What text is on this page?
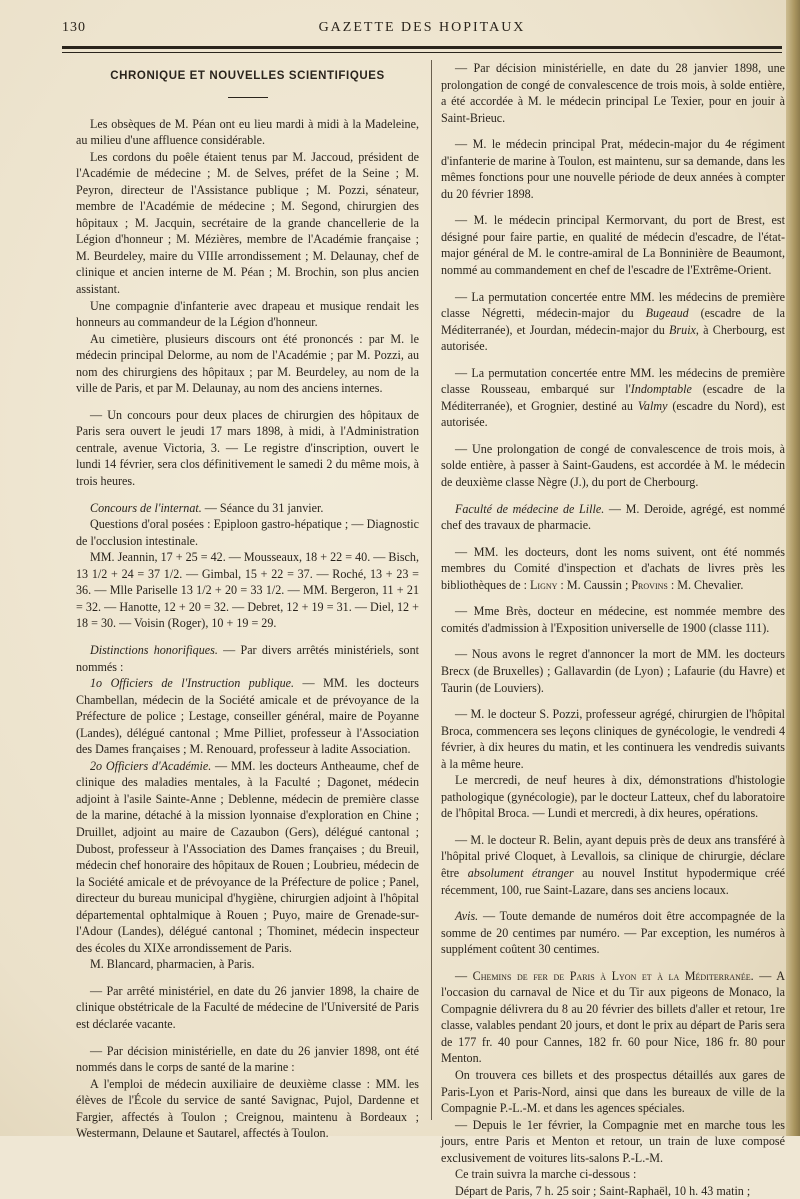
130	GAZETTE DES HOPITAUX
CHRONIQUE ET NOUVELLES SCIENTIFIQUES

Les obsèques de M. Péan ont eu lieu mardi à midi à la Madeleine, au milieu d'une affluence considérable.

Les cordons du poêle étaient tenus par M. Jaccoud, président de l'Académie de médecine ; M. de Selves, préfet de la Seine ; M. Peyron, directeur de l'Assistance publique ; M. Pozzi, sénateur, membre de l'Académie de médecine ; M. Segond, chirurgien des hôpitaux ; M. Jacquin, secrétaire de la grande chancellerie de la Légion d'honneur ; M. Mézières, membre de l'Académie française ; M. Beurdeley, maire du VIIIe arrondissement ; M. Delaunay, chef de clinique et ancien interne de M. Péan ; M. Brochin, son plus ancien assistant.

Une compagnie d'infanterie avec drapeau et musique rendait les honneurs au commandeur de la Légion d'honneur.

Au cimetière, plusieurs discours ont été prononcés : par M. le médecin principal Delorme, au nom de l'Académie ; par M. Pozzi, au nom des chirurgiens des hôpitaux ; par M. Beurdeley, au nom de la ville de Paris, et par M. Delaunay, au nom des anciens internes.

— Un concours pour deux places de chirurgien des hôpitaux de Paris sera ouvert le jeudi 17 mars 1898, à midi, à l'Administration centrale, avenue Victoria, 3. — Le registre d'inscription, ouvert le lundi 14 février, sera clos définitivement le samedi 2 du même mois, à trois heures.

Concours de l'internat. — Séance du 31 janvier.

Questions d'oral posées : Epiploon gastro-hépatique ; — Diagnostic de l'occlusion intestinale.

MM. Jeannin, 17 + 25 = 42. — Mousseaux, 18 + 22 = 40. — Bisch, 13 1/2 + 24 = 37 1/2. — Gimbal, 15 + 22 = 37. — Roché, 13 + 23 = 36. — Mlle Pariselle 13 1/2 + 20 = 33 1/2. — MM. Bergeron, 11 + 21 = 32. — Hanotte, 12 + 20 = 32. — Debret, 12 + 19 = 31. — Diel, 12 + 18 = 30. — Voisin (Roger), 10 + 19 = 29.

Distinctions honorifiques. — Par divers arrêtés ministériels, sont nommés :

1o Officiers de l'Instruction publique. — MM. les docteurs Chambellan, médecin de la Société amicale et de prévoyance de la Préfecture de police ; Lestage, conseiller général, maire de Poyanne (Landes), délégué cantonal ; Mme Pilliet, professeur à l'Association des Dames françaises ; M. Renouard, professeur à ladite Association.

2o Officiers d'Académie. — MM. les docteurs Antheaume, chef de clinique des maladies mentales, à la Faculté ; Dagonet, médecin adjoint à l'asile Sainte-Anne ; Deblenne, médecin de première classe de la marine, détaché à la mission lyonnaise d'exploration en Chine ; Druillet, adjoint au maire de Cazaubon (Gers), délégué cantonal ; Dubost, professeur à l'Association des Dames françaises ; du Breuil, médecin chef honoraire des hôpitaux de Rouen ; Loubrieu, médecin de la Société amicale et de prévoyance de la Préfecture de police ; Panel, directeur du bureau municipal d'hygiène, chirurgien adjoint à l'hôpital départemental ophtalmique à Rouen ; Puyo, maire de Grenade-sur-l'Adour (Landes), délégué cantonal ; Thominet, médecin inspecteur des écoles du XIXe arrondissement de Paris.

M. Blancard, pharmacien, à Paris.

— Par arrêté ministériel, en date du 26 janvier 1898, la chaire de clinique obstétricale de la Faculté de médecine de l'Université de Paris est déclarée vacante.

— Par décision ministérielle, en date du 26 janvier 1898, ont été nommés dans le corps de santé de la marine :

A l'emploi de médecin auxiliaire de deuxième classe : MM. les élèves de l'École du service de santé Savignac, Pujol, Dardenne et Fargier, affectés à Toulon ; Creignou, maintenu à Bordeaux ; Westermann, Delaune et Sautarel, affectés à Toulon.

— Par décision ministérielle, en date du 28 janvier 1898, une prolongation de congé de convalescence de trois mois, à solde entière, a été accordée à M. le médecin principal Le Texier, pour en jouir à Saint-Brieuc.

— M. le médecin principal Prat, médecin-major du 4e régiment d'infanterie de marine à Toulon, est maintenu, sur sa demande, dans les mêmes fonctions pour une nouvelle période de deux années à compter du 20 février 1898.

— M. le médecin principal Kermorvant, du port de Brest, est désigné pour faire partie, en qualité de médecin d'escadre, de l'état-major général de M. le contre-amiral de La Bonninière de Beaumont, nommé au commandement en chef de l'escadre de l'Extrême-Orient.

— La permutation concertée entre MM. les médecins de première classe Négretti, médecin-major du Bugeaud (escadre de la Méditerranée), et Jourdan, médecin-major du Bruix, à Cherbourg, est autorisée.

— La permutation concertée entre MM. les médecins de première classe Rousseau, embarqué sur l'Indomptable (escadre de la Méditerranée), et Grognier, destiné au Valmy (escadre du Nord), est autorisée.

— Une prolongation de congé de convalescence de trois mois, à solde entière, à passer à Saint-Gaudens, est accordée à M. le médecin de deuxième classe Nègre (J.), du port de Cherbourg.

Faculté de médecine de Lille. — M. Deroide, agrégé, est nommé chef des travaux de pharmacie.

— MM. les docteurs, dont les noms suivent, ont été nommés membres du Comité d'inspection et d'achats de livres près les bibliothèques de : Ligny : M. Caussin ; Provins : M. Chevalier.

— Mme Brès, docteur en médecine, est nommée membre des comités d'admission à l'Exposition universelle de 1900 (classe 111).

— Nous avons le regret d'annoncer la mort de MM. les docteurs Brecx (de Bruxelles) ; Gallavardin (de Lyon) ; Lafaurie (du Havre) et Taurin (de Louviers).

— M. le docteur S. Pozzi, professeur agrégé, chirurgien de l'hôpital Broca, commencera ses leçons cliniques de gynécologie, le vendredi 4 février, à dix heures du matin, et les continuera les vendredis suivants à la même heure.

Le mercredi, de neuf heures à dix, démonstrations d'histologie pathologique (gynécologie), par le docteur Latteux, chef du laboratoire de l'hôpital Broca. — Lundi et mercredi, à dix heures, opérations.

— M. le docteur R. Belin, ayant depuis près de deux ans transféré à l'hôpital privé Cloquet, à Levallois, sa clinique de chirurgie, déclare être absolument étranger au nouvel Institut hypodermique créé récemment, 100, rue Saint-Lazare, dans ses anciens locaux.

Avis. — Toute demande de numéros doit être accompagnée de la somme de 20 centimes par numéro. — Par exception, les numéros à supplément coûtent 30 centimes.

— Chemins de fer de Paris à Lyon et à la Méditerranée. — A l'occasion du carnaval de Nice et du Tir aux pigeons de Monaco, la Compagnie délivrera du 8 au 20 février des billets d'aller et retour, 1re classe, valables pendant 20 jours, et dont le prix au départ de Paris sera de 177 fr. 40 pour Cannes, 182 fr. 60 pour Nice, 186 fr. 80 pour Menton.

On trouvera ces billets et des prospectus détaillés aux gares de Paris-Lyon et Paris-Nord, ainsi que dans les bureaux de ville de la Compagnie P.-L.-M. et dans les agences spéciales.

— Depuis le 1er février, la Compagnie met en marche tous les jours, entre Paris et Menton et retour, un train de luxe composé exclusivement de voitures lits-salons P.-L.-M.

Ce train suivra la marche ci-dessous :

Départ de Paris, 7 h. 25 soir ; Saint-Raphaël, 10 h. 43 matin ;
